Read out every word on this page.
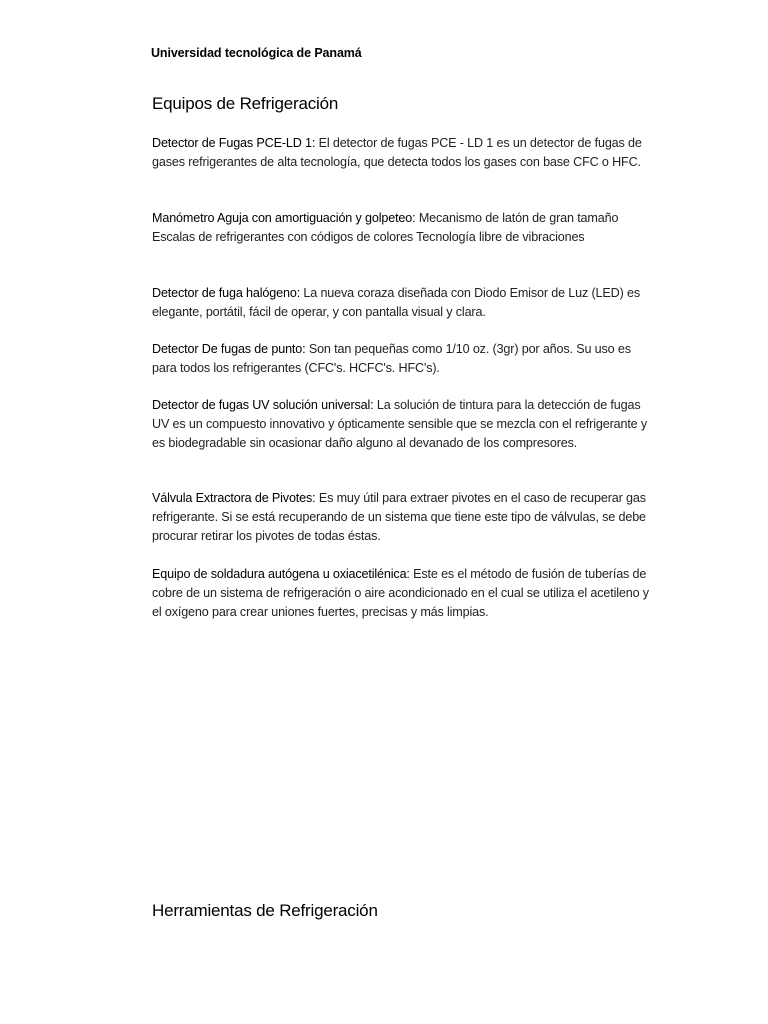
Universidad tecnológica de Panamá
Equipos de Refrigeración

Detector de Fugas PCE-LD 1: El detector de fugas PCE - LD 1 es un detector de fugas de gases refrigerantes de alta tecnología, que detecta todos los gases con base CFC o HFC.

Manómetro Aguja con amortiguación y golpeteo: Mecanismo de latón de gran tamaño Escalas de refrigerantes con códigos de colores Tecnología libre de vibraciones

Detector de fuga halógeno: La nueva coraza diseñada con Diodo Emisor de Luz (LED) es elegante, portátil, fácil de operar, y con pantalla visual y clara.

Detector De fugas de punto: Son tan pequeñas como 1/10 oz. (3gr) por años. Su uso es para todos los refrigerantes (CFC's. HCFC's. HFC's).

Detector de fugas UV solución universal: La solución de tintura para la detección de fugas UV es un compuesto innovativo y ópticamente sensible que se mezcla con el refrigerante y es biodegradable sin ocasionar daño alguno al devanado de los compresores.

Válvula Extractora de Pivotes: Es muy útil para extraer pivotes en el caso de recuperar gas refrigerante. Si se está recuperando de un sistema que tiene este tipo de válvulas, se debe procurar retirar los pivotes de todas éstas.

Equipo de soldadura autógena u oxiacetilénica: Este es el método de fusión de tuberías de cobre de un sistema de refrigeración o aire acondicionado en el cual se utiliza el acetileno y el oxígeno para crear uniones fuertes, precisas y más limpias.

Herramientas de Refrigeración
